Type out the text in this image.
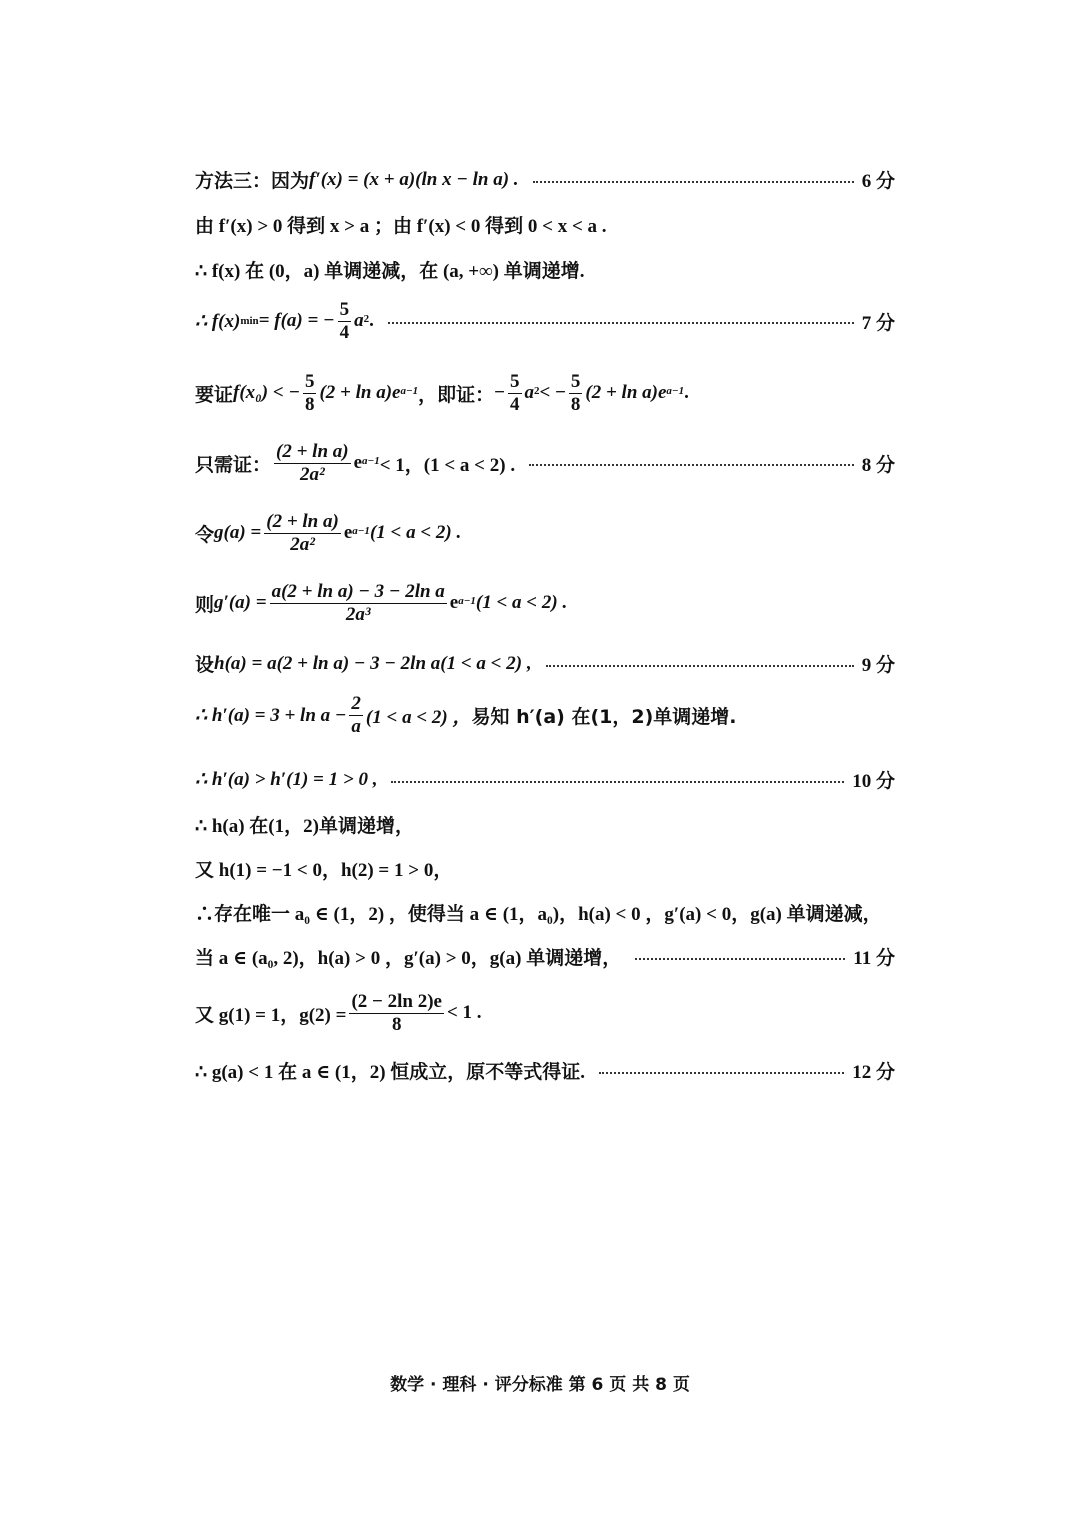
方法三： 因为 f′(x) = (x + a)(ln x − ln a) .	6 分
由 f′(x) > 0 得到 x > a ；由 f′(x) < 0 得到 0 < x < a .
∴ f(x) 在 (0，a) 单调递减，在 (a, +∞) 单调递增.
∴ f(x) min = f(a) = − $\frac{5}{4} a^2$ .	7 分
要证 f(x₀) < − $\frac{5}{8} (2 + \ln a)e^{a-1}$ ，即证： − $\frac{5}{4} a^2$ < − $\frac{5}{8} (2 + \ln a)e^{a-1}$ .
只需证： $\frac{\text{(2 + ln a)}}{\text{2a²}} e^{a-1} < 1$，(1 < a < 2) .	8 分
令 $g(a) = \frac{\text{(2 + ln a)}}{\text{2a²}} e^{a-1}$ (1 < a < 2) .
则 $g'(a) = \frac{\text{a(2 + ln a) − 3 − 2ln a}}{\text{2a³}} e^{a-1}$ (1 < a < 2) .
设 h(a) = a(2 + ln a) − 3 − 2ln a(1 < a < 2) ,	9 分
∴ $h'(a) = 3 + \ln a - \frac{2}{a} (1 < a < 2)$ ， 易知 h′(a) 在(1，2)单调递增.
∴ h′(a) > h′(1) = 1 > 0 ,	10 分
∴ h(a) 在(1，2)单调递增，
又 h(1) = −1 < 0，h(2) = 1 > 0，
∴存在唯一 a₀ ∈ (1，2) ，使得当 a ∈ (1，a₀)，h(a) < 0 ，g′(a) < 0，g(a) 单调递减，
当 a ∈ (a₀, 2)，h(a) > 0 ，g′(a) > 0，g(a) 单调递增，	11 分
又 g(1) = 1，$g(2) = \frac{(2 - 2\ln 2)e}{8} < 1$ .
∴ g(a) < 1 在 a ∈ (1，2) 恒成立，原不等式得证.	12 分
数学 · 理科 · 评分标准 第 6 页 共 8 页
